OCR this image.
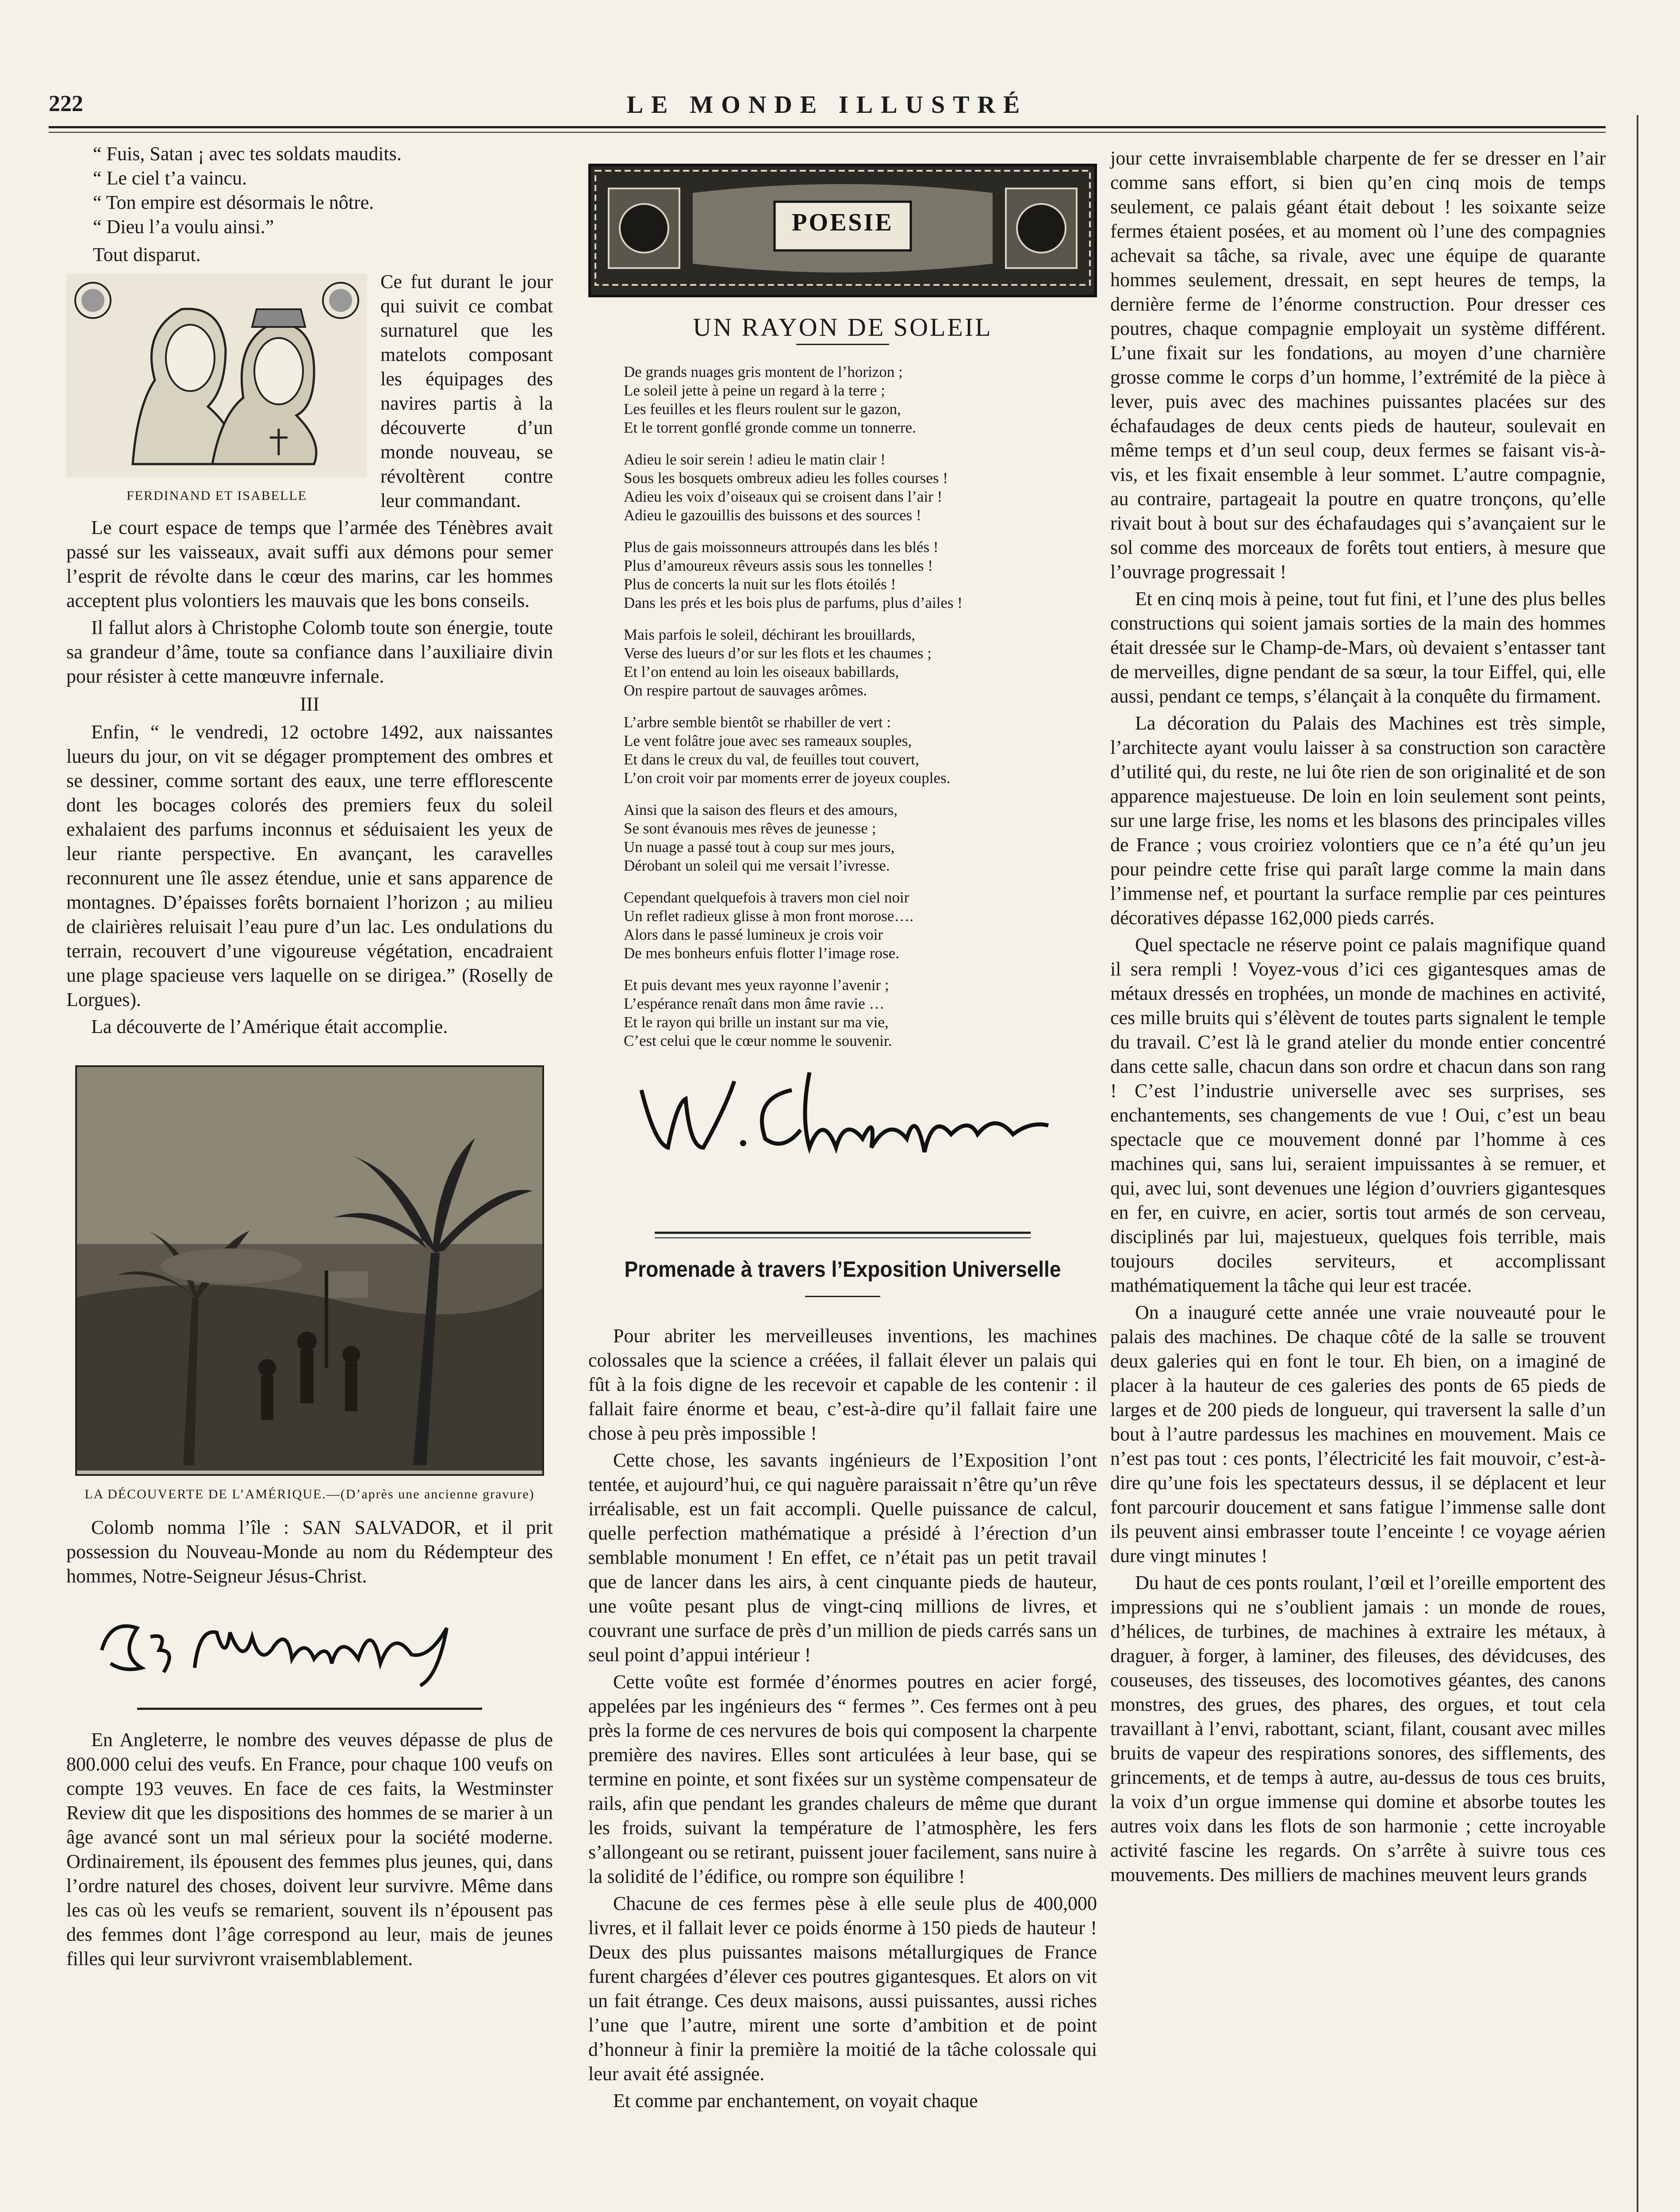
222	LE MONDE ILLUSTRÉ
“ Fuis, Satan ¡ avec tes soldats maudits.
“ Le ciel t’a vaincu.
“ Ton empire est désormais le nôtre.
“ Dieu l’a voulu ainsi.”

Tout disparut.

FERDINAND ET ISABELLE

Ce fut durant le jour qui suivit ce combat surnaturel que les matelots composant les équipages des navires partis à la découverte d’un monde nouveau, se révoltèrent contre leur commandant.

Le court espace de temps que l’armée des Ténèbres avait passé sur les vaisseaux, avait suffi aux démons pour semer l’esprit de révolte dans le cœur des marins, car les hommes acceptent plus volontiers les mauvais que les bons conseils.

Il fallut alors à Christophe Colomb toute son énergie, toute sa grandeur d’âme, toute sa confiance dans l’auxiliaire divin pour résister à cette manœuvre infernale.

III

Enfin, “ le vendredi, 12 octobre 1492, aux naissantes lueurs du jour, on vit se dégager promptement des ombres et se dessiner, comme sortant des eaux, une terre efflorescente dont les bocages colorés des premiers feux du soleil exhalaient des parfums inconnus et séduisaient les yeux de leur riante perspective. En avançant, les caravelles reconnurent une île assez étendue, unie et sans apparence de montagnes. D’épaisses forêts bornaient l’horizon ; au milieu de clairières reluisait l’eau pure d’un lac. Les ondulations du terrain, recouvert d’une vigoureuse végétation, encadraient une plage spacieuse vers laquelle on se dirigea.” (Roselly de Lorgues).

La découverte de l’Amérique était accomplie.

LA DÉCOUVERTE DE L’AMÉRIQUE.—(D’après une ancienne gravure)

Colomb nomma l’île : SAN SALVADOR, et il prit possession du Nouveau-Monde au nom du Rédempteur des hommes, Notre-Seigneur Jésus-Christ.

En Angleterre, le nombre des veuves dépasse de plus de 800.000 celui des veufs. En France, pour chaque 100 veufs on compte 193 veuves. En face de ces faits, la Westminster Review dit que les dispositions des hommes de se marier à un âge avancé sont un mal sérieux pour la société moderne. Ordinairement, ils épousent des femmes plus jeunes, qui, dans l’ordre naturel des choses, doivent leur survivre. Même dans les cas où les veufs se remarient, souvent ils n’épousent pas des femmes dont l’âge correspond au leur, mais de jeunes filles qui leur survivront vraisemblablement.

POESIE
UN RAYON DE SOLEIL
De grands nuages gris montent de l’horizon ;
Le soleil jette à peine un regard à la terre ;
Les feuilles et les fleurs roulent sur le gazon,
Et le torrent gonflé gronde comme un tonnerre.
Adieu le soir serein ! adieu le matin clair !
Sous les bosquets ombreux adieu les folles courses !
Adieu les voix d’oiseaux qui se croisent dans l’air !
Adieu le gazouillis des buissons et des sources !
Plus de gais moissonneurs attroupés dans les blés !
Plus d’amoureux rêveurs assis sous les tonnelles !
Plus de concerts la nuit sur les flots étoilés !
Dans les prés et les bois plus de parfums, plus d’ailes !
Mais parfois le soleil, déchirant les brouillards,
Verse des lueurs d’or sur les flots et les chaumes ;
Et l’on entend au loin les oiseaux babillards,
On respire partout de sauvages arômes.
L’arbre semble bientôt se rhabiller de vert :
Le vent folâtre joue avec ses rameaux souples,
Et dans le creux du val, de feuilles tout couvert,
L’on croit voir par moments errer de joyeux couples.
Ainsi que la saison des fleurs et des amours,
Se sont évanouis mes rêves de jeunesse ;
Un nuage a passé tout à coup sur mes jours,
Dérobant un soleil qui me versait l’ivresse.
Cependant quelquefois à travers mon ciel noir
Un reflet radieux glisse à mon front morose….
Alors dans le passé lumineux je crois voir
De mes bonheurs enfuis flotter l’image rose.
Et puis devant mes yeux rayonne l’avenir ;
L’espérance renaît dans mon âme ravie …
Et le rayon qui brille un instant sur ma vie,
C’est celui que le cœur nomme le souvenir.
Promenade à travers l’Exposition Universelle

Pour abriter les merveilleuses inventions, les machines colossales que la science a créées, il fallait élever un palais qui fût à la fois digne de les recevoir et capable de les contenir : il fallait faire énorme et beau, c’est-à-dire qu’il fallait faire une chose à peu près impossible !

Cette chose, les savants ingénieurs de l’Exposition l’ont tentée, et aujourd’hui, ce qui naguère paraissait n’être qu’un rêve irréalisable, est un fait accompli. Quelle puissance de calcul, quelle perfection mathématique a présidé à l’érection d’un semblable monument ! En effet, ce n’était pas un petit travail que de lancer dans les airs, à cent cinquante pieds de hauteur, une voûte pesant plus de vingt-cinq millions de livres, et couvrant une surface de près d’un million de pieds carrés sans un seul point d’appui intérieur !

Cette voûte est formée d’énormes poutres en acier forgé, appelées par les ingénieurs des “ fermes ”. Ces fermes ont à peu près la forme de ces nervures de bois qui composent la charpente première des navires. Elles sont articulées à leur base, qui se termine en pointe, et sont fixées sur un système compensateur de rails, afin que pendant les grandes chaleurs de même que durant les froids, suivant la température de l’atmosphère, les fers s’allongeant ou se retirant, puissent jouer facilement, sans nuire à la solidité de l’édifice, ou rompre son équilibre !

Chacune de ces fermes pèse à elle seule plus de 400,000 livres, et il fallait lever ce poids énorme à 150 pieds de hauteur ! Deux des plus puissantes maisons métallurgiques de France furent chargées d’élever ces poutres gigantesques. Et alors on vit un fait étrange. Ces deux maisons, aussi puissantes, aussi riches l’une que l’autre, mirent une sorte d’ambition et de point d’honneur à finir la première la moitié de la tâche colossale qui leur avait été assignée.

Et comme par enchantement, on voyait chaque

jour cette invraisemblable charpente de fer se dresser en l’air comme sans effort, si bien qu’en cinq mois de temps seulement, ce palais géant était debout ! les soixante seize fermes étaient posées, et au moment où l’une des compagnies achevait sa tâche, sa rivale, avec une équipe de quarante hommes seulement, dressait, en sept heures de temps, la dernière ferme de l’énorme construction. Pour dresser ces poutres, chaque compagnie employait un système différent. L’une fixait sur les fondations, au moyen d’une charnière grosse comme le corps d’un homme, l’extrémité de la pièce à lever, puis avec des machines puissantes placées sur des échafaudages de deux cents pieds de hauteur, soulevait en même temps et d’un seul coup, deux fermes se faisant vis-à-vis, et les fixait ensemble à leur sommet. L’autre compagnie, au contraire, partageait la poutre en quatre tronçons, qu’elle rivait bout à bout sur des échafaudages qui s’avançaient sur le sol comme des morceaux de forêts tout entiers, à mesure que l’ouvrage progressait !

Et en cinq mois à peine, tout fut fini, et l’une des plus belles constructions qui soient jamais sorties de la main des hommes était dressée sur le Champ-de-Mars, où devaient s’entasser tant de merveilles, digne pendant de sa sœur, la tour Eiffel, qui, elle aussi, pendant ce temps, s’élançait à la conquête du firmament.

La décoration du Palais des Machines est très simple, l’architecte ayant voulu laisser à sa construction son caractère d’utilité qui, du reste, ne lui ôte rien de son originalité et de son apparence majestueuse. De loin en loin seulement sont peints, sur une large frise, les noms et les blasons des principales villes de France ; vous croiriez volontiers que ce n’a été qu’un jeu pour peindre cette frise qui paraît large comme la main dans l’immense nef, et pourtant la surface remplie par ces peintures décoratives dépasse 162,000 pieds carrés.

Quel spectacle ne réserve point ce palais magnifique quand il sera rempli ! Voyez-vous d’ici ces gigantesques amas de métaux dressés en trophées, un monde de machines en activité, ces mille bruits qui s’élèvent de toutes parts signalent le temple du travail. C’est là le grand atelier du monde entier concentré dans cette salle, chacun dans son ordre et chacun dans son rang ! C’est l’industrie universelle avec ses surprises, ses enchantements, ses changements de vue ! Oui, c’est un beau spectacle que ce mouvement donné par l’homme à ces machines qui, sans lui, seraient impuissantes à se remuer, et qui, avec lui, sont devenues une légion d’ouvriers gigantesques en fer, en cuivre, en acier, sortis tout armés de son cerveau, disciplinés par lui, majestueux, quelques fois terrible, mais toujours dociles serviteurs, et accomplissant mathématiquement la tâche qui leur est tracée.

On a inauguré cette année une vraie nouveauté pour le palais des machines. De chaque côté de la salle se trouvent deux galeries qui en font le tour. Eh bien, on a imaginé de placer à la hauteur de ces galeries des ponts de 65 pieds de larges et de 200 pieds de longueur, qui traversent la salle d’un bout à l’autre pardessus les machines en mouvement. Mais ce n’est pas tout : ces ponts, l’électricité les fait mouvoir, c’est-à-dire qu’une fois les spectateurs dessus, il se déplacent et leur font parcourir doucement et sans fatigue l’immense salle dont ils peuvent ainsi embrasser toute l’enceinte ! ce voyage aérien dure vingt minutes !

Du haut de ces ponts roulant, l’œil et l’oreille emportent des impressions qui ne s’oublient jamais : un monde de roues, d’hélices, de turbines, de machines à extraire les métaux, à draguer, à forger, à laminer, des fileuses, des dévidcuses, des couseuses, des tisseuses, des locomotives géantes, des canons monstres, des grues, des phares, des orgues, et tout cela travaillant à l’envi, rabottant, sciant, filant, cousant avec milles bruits de vapeur des respirations sonores, des sifflements, des grincements, et de temps à autre, au-dessus de tous ces bruits, la voix d’un orgue immense qui domine et absorbe toutes les autres voix dans les flots de son harmonie ; cette incroyable activité fascine les regards. On s’arrête à suivre tous ces mouvements. Des milliers de machines meuvent leurs grands
